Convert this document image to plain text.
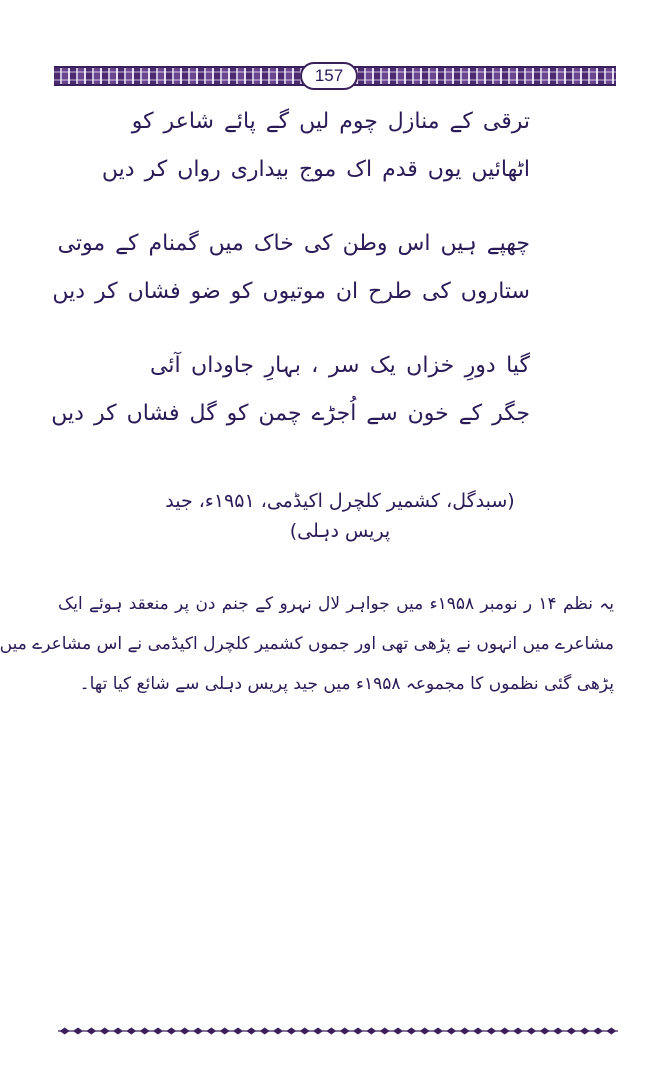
157
ترقی کے منازل چوم لیں گے پائے شاعر کو
اٹھائیں یوں قدم اک موج بیداری رواں کر دیں
چھپے ہیں اس وطن کی خاک میں گمنام کے موتی
ستاروں کی طرح ان موتیوں کو ضو فشاں کر دیں
گیا دورِ خزاں یک سر ، بہارِ جاوداں آئی
جگر کے خون سے اُجڑے چمن کو گل فشاں کر دیں
(سبدگل، کشمیر کلچرل اکیڈمی، ۱۹۵۱ء، جید پریس دہلی)
یہ نظم ۱۴ ر نومبر ۱۹۵۸ء میں جواہر لال نہرو کے جنم دن پر منعقد ہوئے ایک
مشاعرے میں انہوں نے پڑھی تھی اور جموں کشمیر کلچرل اکیڈمی نے اس مشاعرے میں
پڑھی گئی نظموں کا مجموعہ ۱۹۵۸ء میں جید پریس دہلی سے شائع کیا تھا۔
